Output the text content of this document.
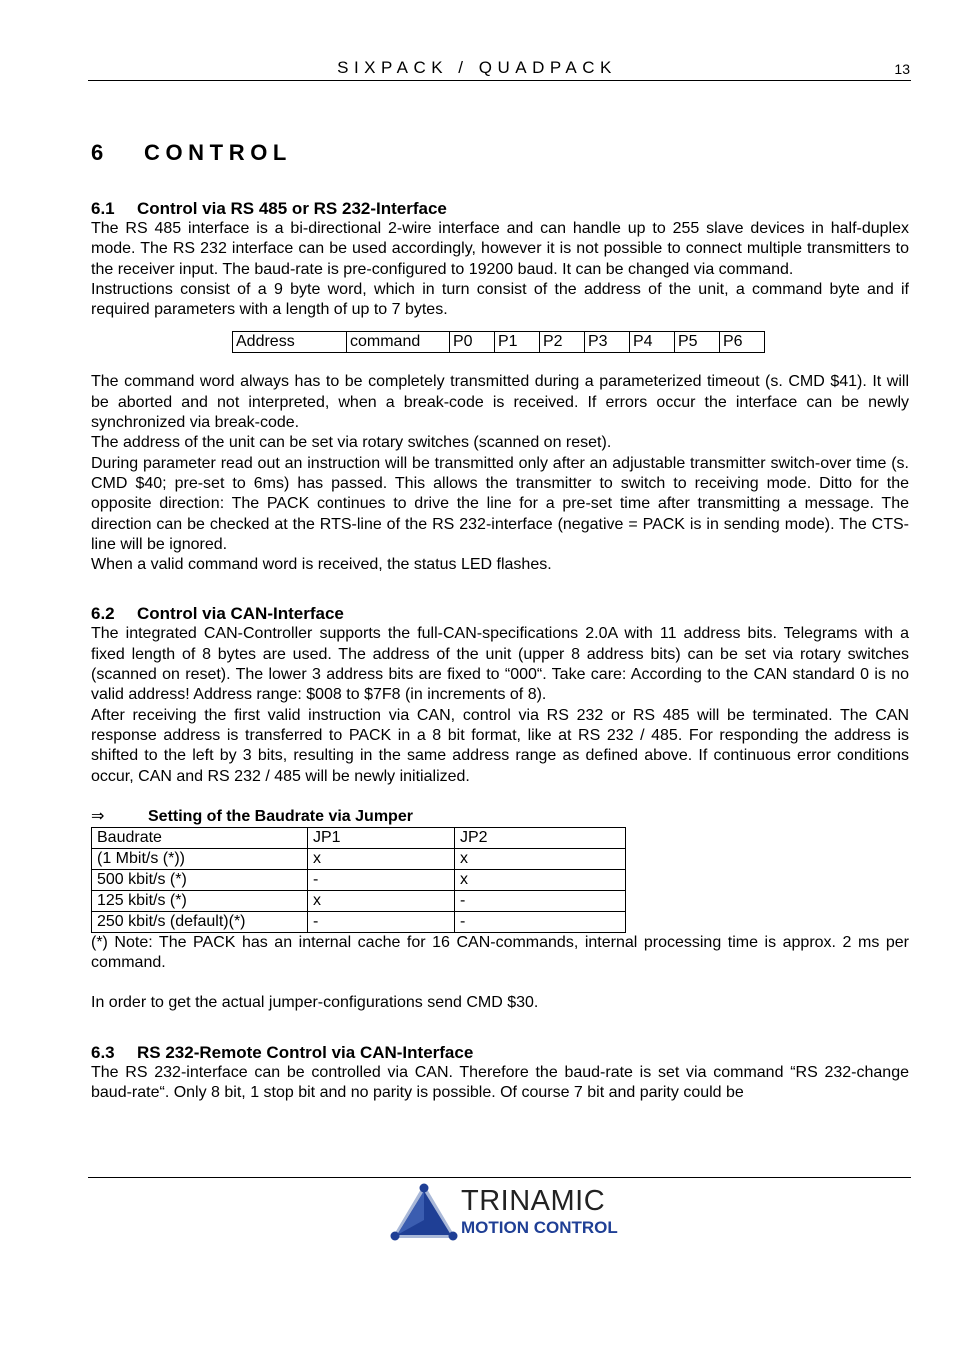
SIXPACK / QUADPACK	13
6 CONTROL
6.1 Control via RS 485 or RS 232-Interface

The RS 485 interface is a bi-directional 2-wire interface and can handle up to 255 slave devices in half-duplex mode. The RS 232 interface can be used accordingly, however it is not possible to connect multiple transmitters to the receiver input. The baud-rate is pre-configured to 19200 baud. It can be changed via command.

Instructions consist of a 9 byte word, which in turn consist of the address of the unit, a command byte and if required parameters with a length of up to 7 bytes.

Address	command	P0	P1	P2	P3	P4	P5	P6

The command word always has to be completely transmitted during a parameterized timeout (s. CMD $41). It will be aborted and not interpreted, when a break-code is received. If errors occur the interface can be newly synchronized via break-code.

The address of the unit can be set via rotary switches (scanned on reset).

During parameter read out an instruction will be transmitted only after an adjustable transmitter switch-over time (s. CMD $40; pre-set to 6ms) has passed. This allows the transmitter to switch to receiving mode. Ditto for the opposite direction: The PACK continues to drive the line for a pre-set time after transmitting a message. The direction can be checked at the RTS-line of the RS 232-interface (negative = PACK is in sending mode). The CTS-line will be ignored.

When a valid command word is received, the status LED flashes.

6.2 Control via CAN-Interface

The integrated CAN-Controller supports the full-CAN-specifications 2.0A with 11 address bits. Telegrams with a fixed length of 8 bytes are used. The address of the unit (upper 8 address bits) can be set via rotary switches (scanned on reset). The lower 3 address bits are fixed to “000“. Take care: According to the CAN standard 0 is no valid address! Address range: $008 to $7F8 (in increments of 8).

After receiving the first valid instruction via CAN, control via RS 232 or RS 485 will be terminated. The CAN response address is transferred to PACK in a 8 bit format, like at RS 232 / 485. For responding the address is shifted to the left by 3 bits, resulting in the same address range as defined above. If continuous error conditions occur, CAN and RS 232 / 485 will be newly initialized.

⇒	Setting of the Baudrate via Jumper

Baudrate	JP1	JP2
(1 Mbit/s (*))	x	x
500 kbit/s (*)	-	x
125 kbit/s (*)	x	-
250 kbit/s (default)(*)	-	-

(*) Note: The PACK has an internal cache for 16 CAN-commands, internal processing time is approx. 2 ms per command.

In order to get the actual jumper-configurations send CMD $30.

6.3 RS 232-Remote Control via CAN-Interface

The RS 232-interface can be controlled via CAN. Therefore the baud-rate is set via command “RS 232-change baud-rate“. Only 8 bit, 1 stop bit and no parity is possible. Of course 7 bit and parity could be

TRINAMIC
MOTION CONTROL
